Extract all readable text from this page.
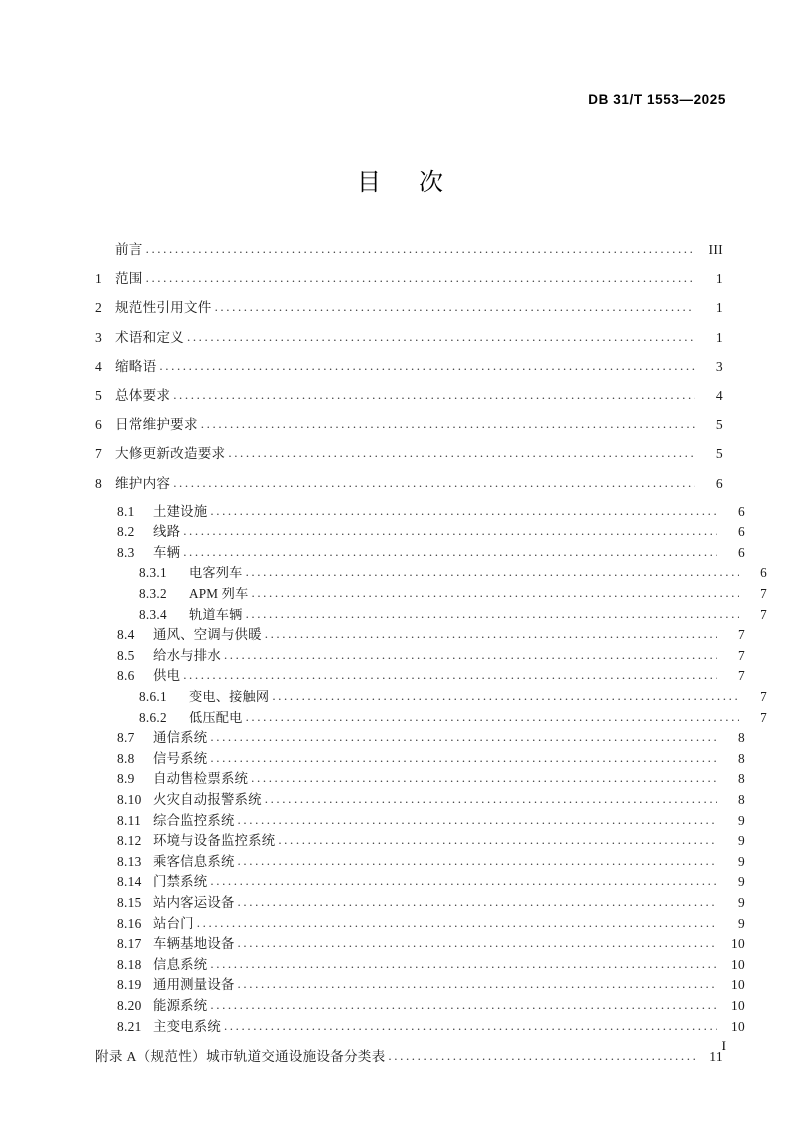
DB 31/T 1553—2025
目 次
前言 .....	III
1 范围 .....	1
2 规范性引用文件 .....	1
3 术语和定义 .....	1
4 缩略语 .....	3
5 总体要求 .....	4
6 日常维护要求 .....	5
7 大修更新改造要求 .....	5
8 维护内容 .....	6
8.1	土建设施 .....	6
8.2	线路 .....	6
8.3	车辆 .....	6
8.3.1	电客列车 .....	6
8.3.2	APM 列车 .....	7
8.3.4	轨道车辆 .....	7
8.4	通风、空调与供暖 .....	7
8.5	给水与排水 .....	7
8.6	供电 .....	7
8.6.1	变电、接触网 .....	7
8.6.2	低压配电 .....	7
8.7	通信系统 .....	8
8.8	信号系统 .....	8
8.9	自动售检票系统 .....	8
8.10 火灾自动报警系统 .....	8
8.11 综合监控系统 .....	9
8.12 环境与设备监控系统 .....	9
8.13 乘客信息系统 .....	9
8.14 门禁系统 .....	9
8.15 站内客运设备 .....	9
8.16 站台门 .....	9
8.17 车辆基地设备 .....	10
8.18 信息系统 .....	10
8.19 通用测量设备 .....	10
8.20 能源系统 .....	10
8.21 主变电系统 .....	10
附录 A（规范性） 城市轨道交通设施设备分类表 .....	11
I
